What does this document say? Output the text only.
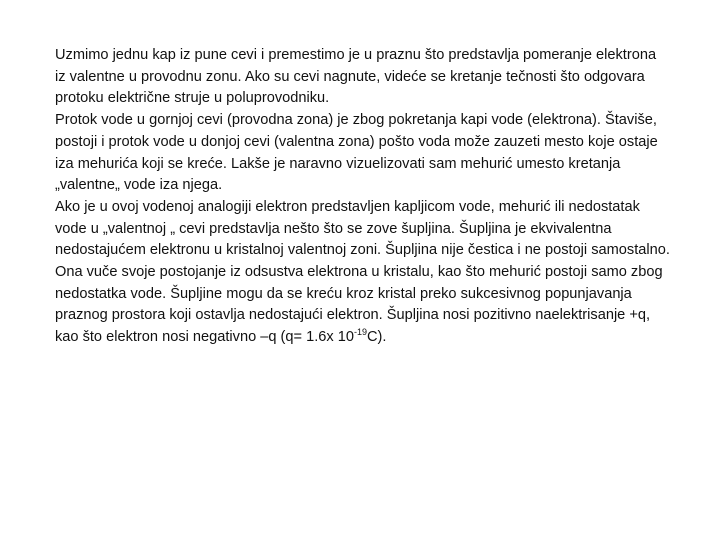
Uzmimo jednu kap iz pune cevi i premestimo je u praznu što predstavlja pomeranje elektrona iz valentne u provodnu zonu. Ako su cevi nagnute, videće se kretanje tečnosti što odgovara protoku električne struje u poluprovodniku.

Protok vode u gornjoj cevi (provodna zona) je zbog pokretanja kapi vode (elektrona). Štaviše, postoji i protok vode u donjoj cevi (valentna zona) pošto voda može zauzeti mesto koje ostaje iza mehurića koji se kreće. Lakše je naravno vizuelizovati sam mehurić umesto kretanja „valentne„ vode iza njega.

Ako je u ovoj vodenoj analogiji elektron predstavljen kapljicom vode, mehurić ili nedostatak vode u „valentnoj „ cevi predstavlja nešto što se zove šupljina. Šupljina je ekvivalentna nedostajućem elektronu u kristalnoj valentnoj zoni. Šupljina nije čestica i ne postoji samostalno. Ona vuče svoje postojanje iz odsustva elektrona u kristalu, kao što mehurić postoji samo zbog nedostatka vode. Šupljine mogu da se kreću kroz kristal preko sukcesivnog popunjavanja praznog prostora koji ostavlja nedostajući elektron. Šupljina nosi pozitivno naelektrisanje +q, kao što elektron nosi negativno –q (q= 1.6x $10^{-19}C$).
